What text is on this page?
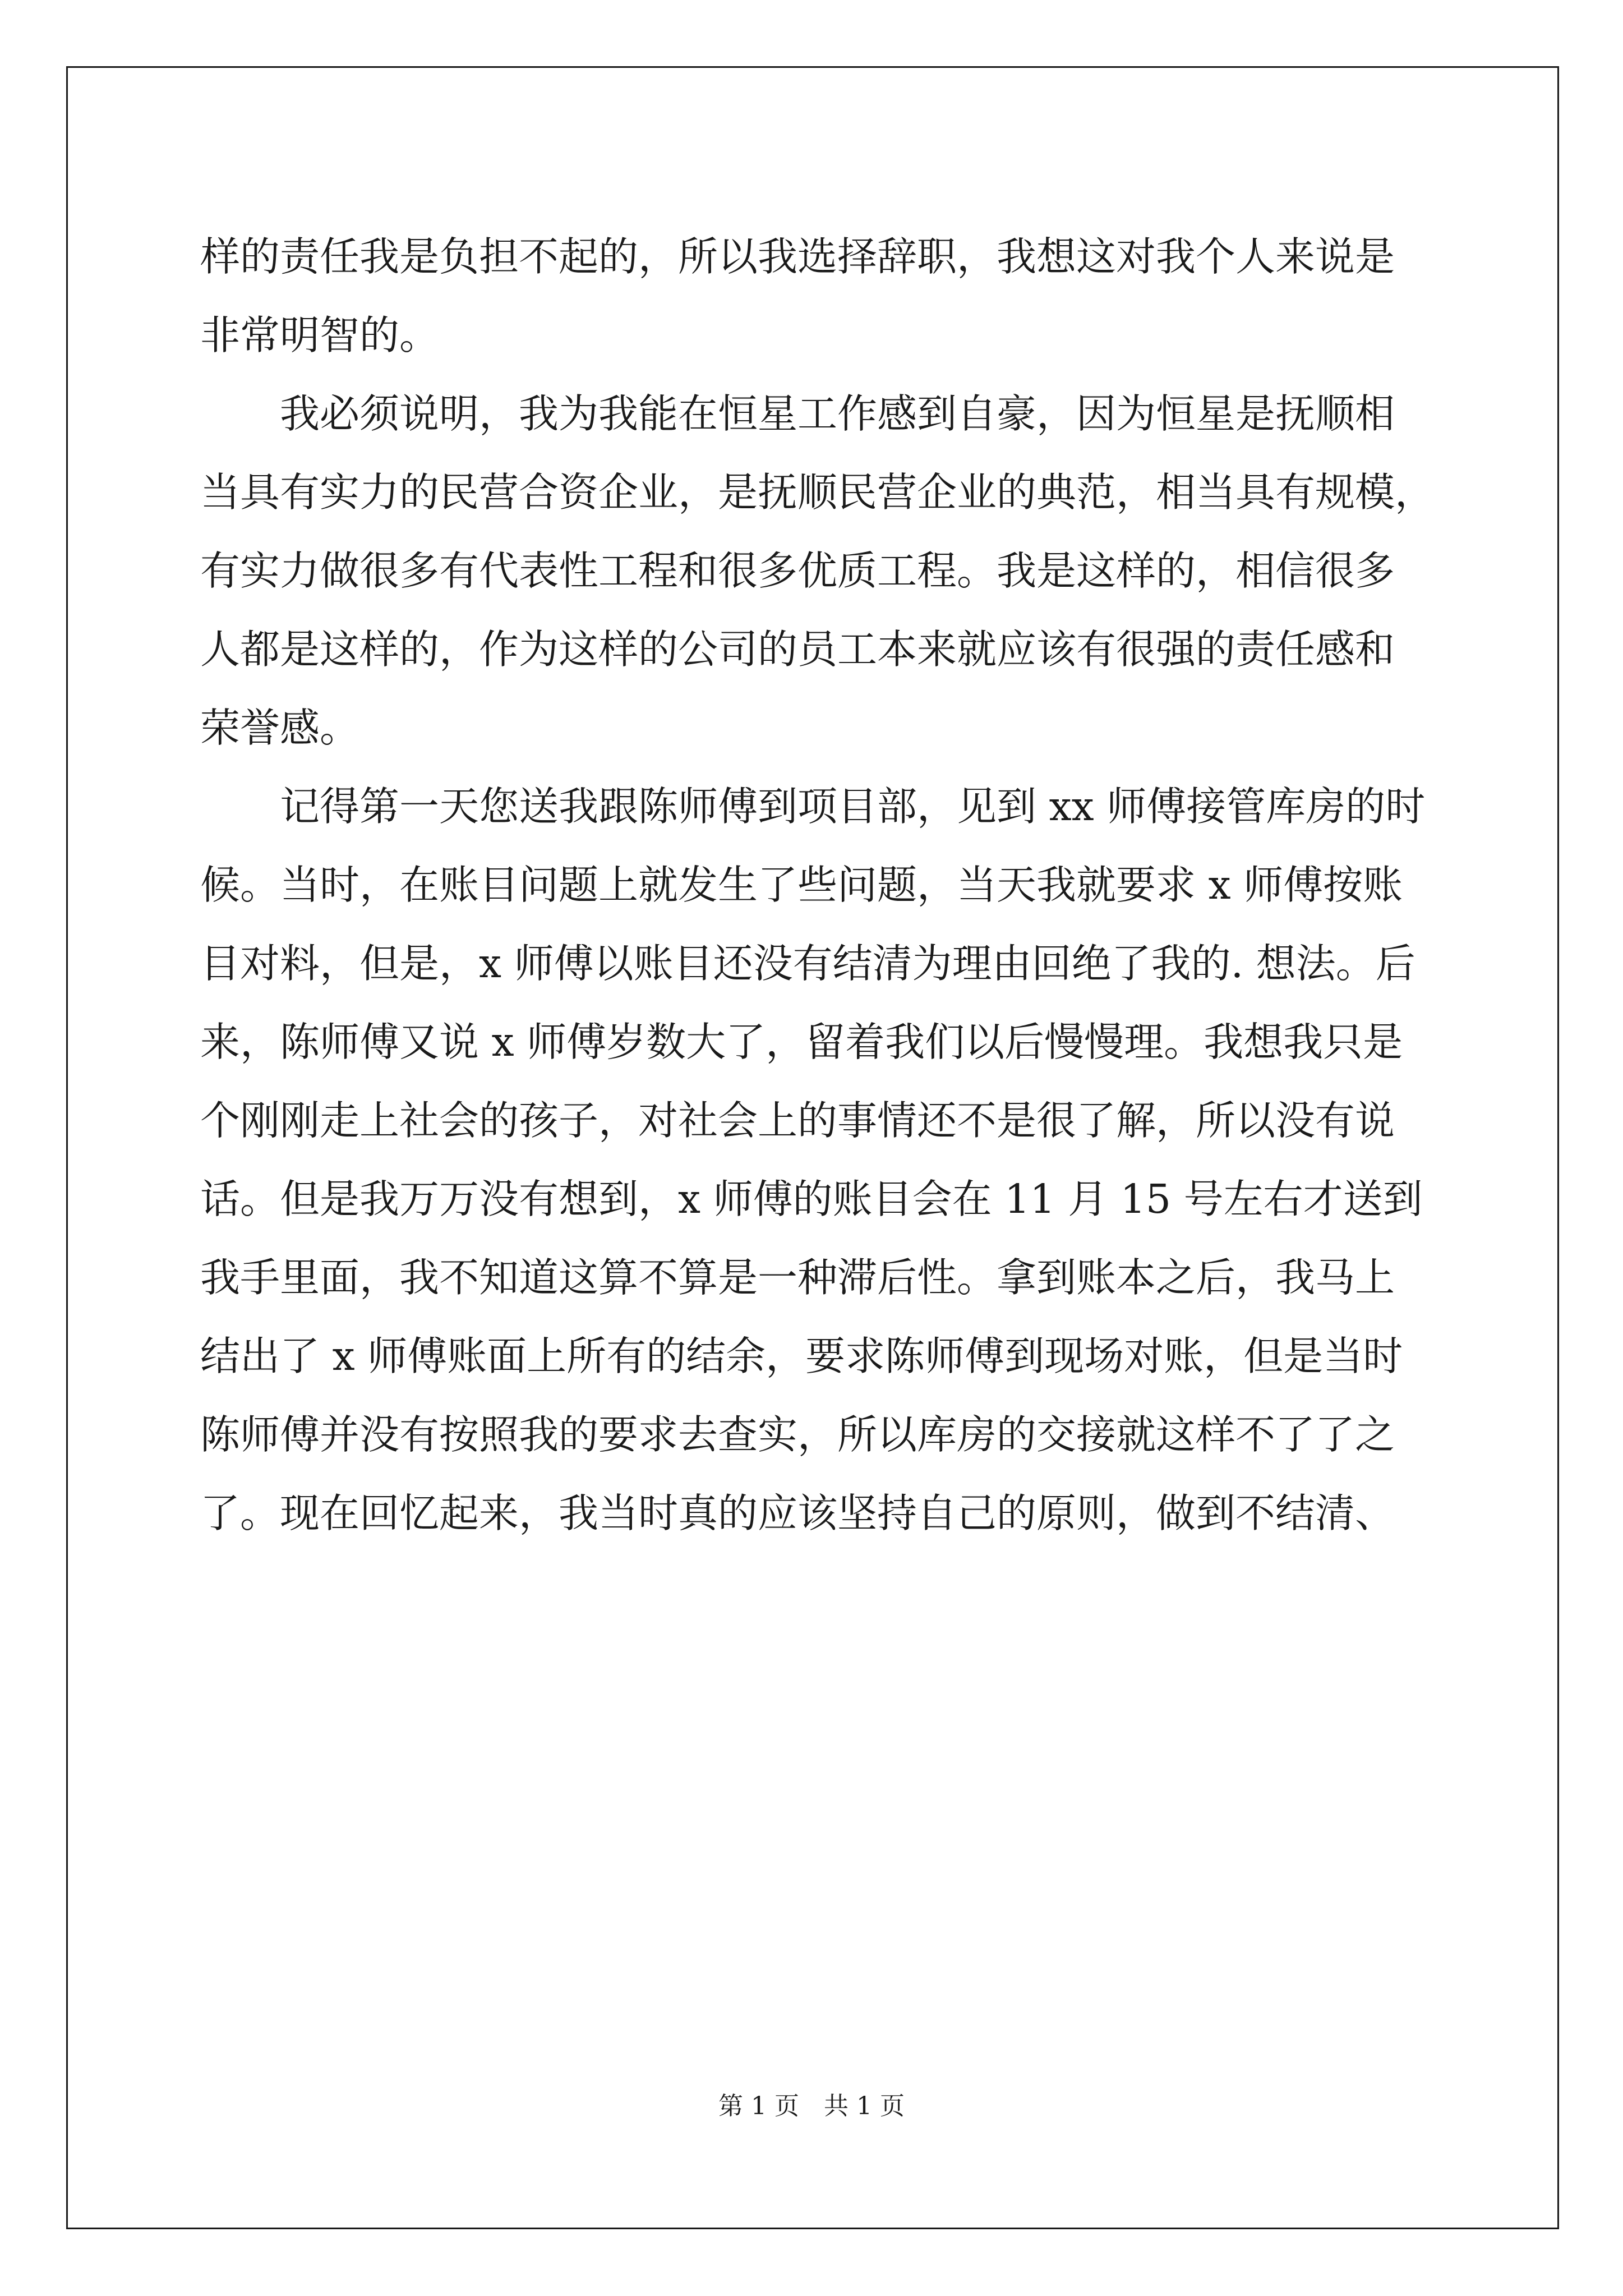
样的责任我是负担不起的，所以我选择辞职，我想这对我个人来说是
非常明智的。
我必须说明，我为我能在恒星工作感到自豪，因为恒星是抚顺相
当具有实力的民营合资企业，是抚顺民营企业的典范，相当具有规模，
有实力做很多有代表性工程和很多优质工程。我是这样的，相信很多
人都是这样的，作为这样的公司的员工本来就应该有很强的责任感和
荣誉感。
记得第一天您送我跟陈师傅到项目部，见到 xx 师傅接管库房的时
候。当时，在账目问题上就发生了些问题，当天我就要求 x 师傅按账
目对料，但是，x 师傅以账目还没有结清为理由回绝了我的. 想法。后
来，陈师傅又说 x 师傅岁数大了，留着我们以后慢慢理。我想我只是
个刚刚走上社会的孩子，对社会上的事情还不是很了解，所以没有说
话。但是我万万没有想到，x 师傅的账目会在 11 月 15 号左右才送到
我手里面，我不知道这算不算是一种滞后性。拿到账本之后，我马上
结出了 x 师傅账面上所有的结余，要求陈师傅到现场对账，但是当时
陈师傅并没有按照我的要求去查实，所以库房的交接就这样不了了之
了。现在回忆起来，我当时真的应该坚持自己的原则，做到不结清、
第 1 页　共 1 页
